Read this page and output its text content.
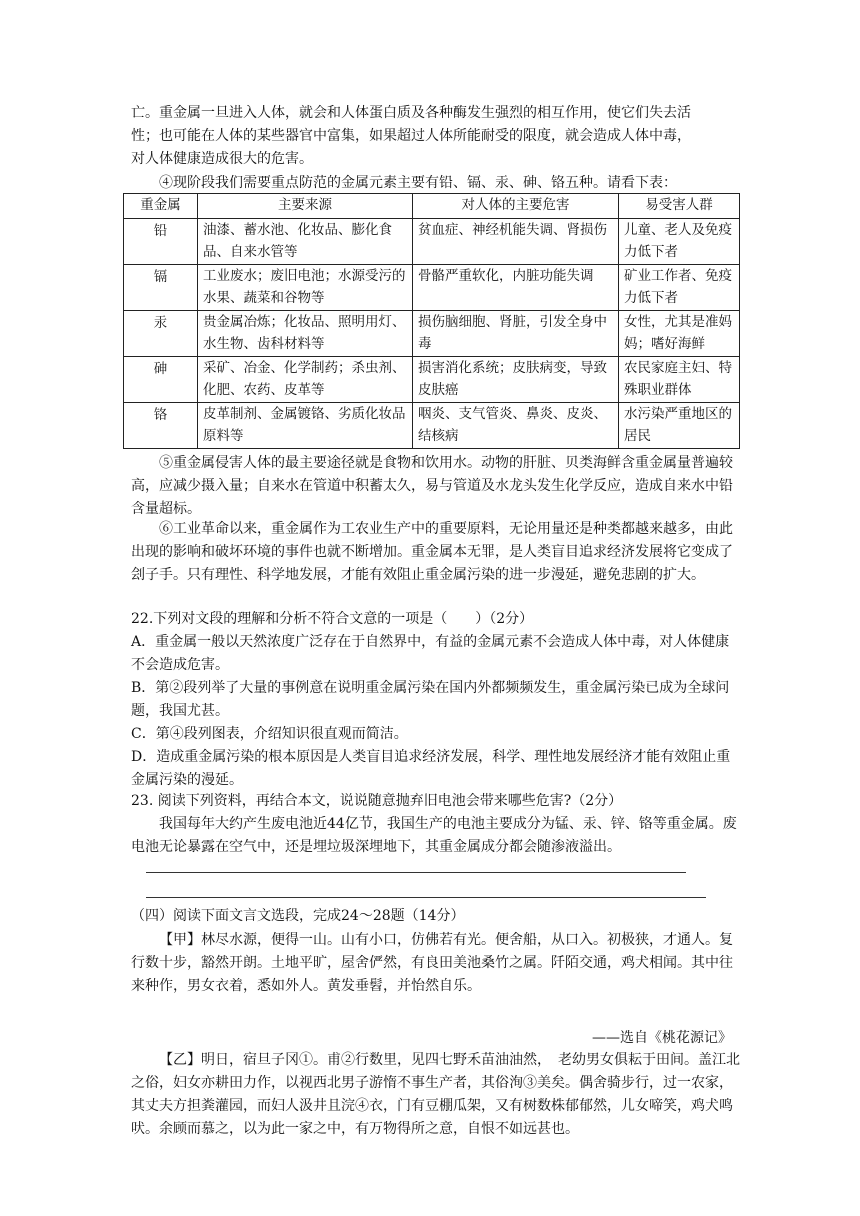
亡。重金属一旦进入人体，就会和人体蛋白质及各种酶发生强烈的相互作用，使它们失去活
性；也可能在人体的某些器官中富集，如果超过人体所能耐受的限度，就会造成人体中毒，
对人体健康造成很大的危害。
④现阶段我们需要重点防范的金属元素主要有铅、镉、汞、砷、铬五种。请看下表：
重金属	主要来源	对人体的主要危害	易受害人群
铅	油漆、蓄水池、化妆品、膨化食品、自来水管等	贫血症、神经机能失调、肾损伤	儿童、老人及免疫力低下者
镉	工业废水；废旧电池；水源受污的水果、蔬菜和谷物等	骨骼严重软化，内脏功能失调	矿业工作者、免疫力低下者
汞	贵金属冶炼；化妆品、照明用灯、水生物、齿科材料等	损伤脑细胞、肾脏，引发全身中毒	女性，尤其是准妈妈；嗜好海鲜
砷	采矿、冶金、化学制药；杀虫剂、化肥、农药、皮革等	损害消化系统；皮肤病变，导致皮肤癌	农民家庭主妇、特殊职业群体
铬	皮革制剂、金属镀铬、劣质化妆品原料等	咽炎、支气管炎、鼻炎、皮炎、结核病	水污染严重地区的居民
⑤重金属侵害人体的最主要途径就是食物和饮用水。动物的肝脏、贝类海鲜含重金属量普遍较高，应减少摄入量；自来水在管道中积蓄太久，易与管道及水龙头发生化学反应，造成自来水中铅含量超标。
⑥工业革命以来，重金属作为工农业生产中的重要原料，无论用量还是种类都越来越多，由此出现的影响和破坏环境的事件也就不断增加。重金属本无罪，是人类盲目追求经济发展将它变成了刽子手。只有理性、科学地发展，才能有效阻止重金属污染的进一步漫延，避免悲剧的扩大。
22.下列对文段的理解和分析不符合文意的一项是（　　）（2分）
A．重金属一般以天然浓度广泛存在于自然界中，有益的金属元素不会造成人体中毒，对人体健康不会造成危害。
B．第②段列举了大量的事例意在说明重金属污染在国内外都频频发生，重金属污染已成为全球问题，我国尤甚。
C．第④段列图表，介绍知识很直观而简洁。
D．造成重金属污染的根本原因是人类盲目追求经济发展，科学、理性地发展经济才能有效阻止重金属污染的漫延。
23. 阅读下列资料，再结合本文，说说随意抛弃旧电池会带来哪些危害?（2分）
我国每年大约产生废电池近44亿节，我国生产的电池主要成分为锰、汞、锌、铬等重金属。废电池无论暴露在空气中，还是埋垃圾深埋地下，其重金属成分都会随渗液溢出。
（四）阅读下面文言文选段，完成24～28题（14分）
【甲】林尽水源，便得一山。山有小口，仿佛若有光。便舍船，从口入。初极狭，才通人。复行数十步，豁然开朗。土地平旷，屋舍俨然，有良田美池桑竹之属。阡陌交通，鸡犬相闻。其中往来种作，男女衣着，悉如外人。黄发垂髫，并怡然自乐。
——选自《桃花源记》
【乙】明日，宿旦子冈①。甫②行数里，见四七野禾苗油油然，　老幼男女俱耘于田间。盖江北之俗，妇女亦耕田力作，以视西北男子游惰不事生产者，其俗洵③美矣。偶舍骑步行，过一农家，其丈夫方担粪灌园，而妇人汲井且浣④衣，门有豆棚瓜架，又有树数株郁郁然，儿女啼笑，鸡犬鸣吠。余顾而慕之，以为此一家之中，有万物得所之意，自恨不如远甚也。
